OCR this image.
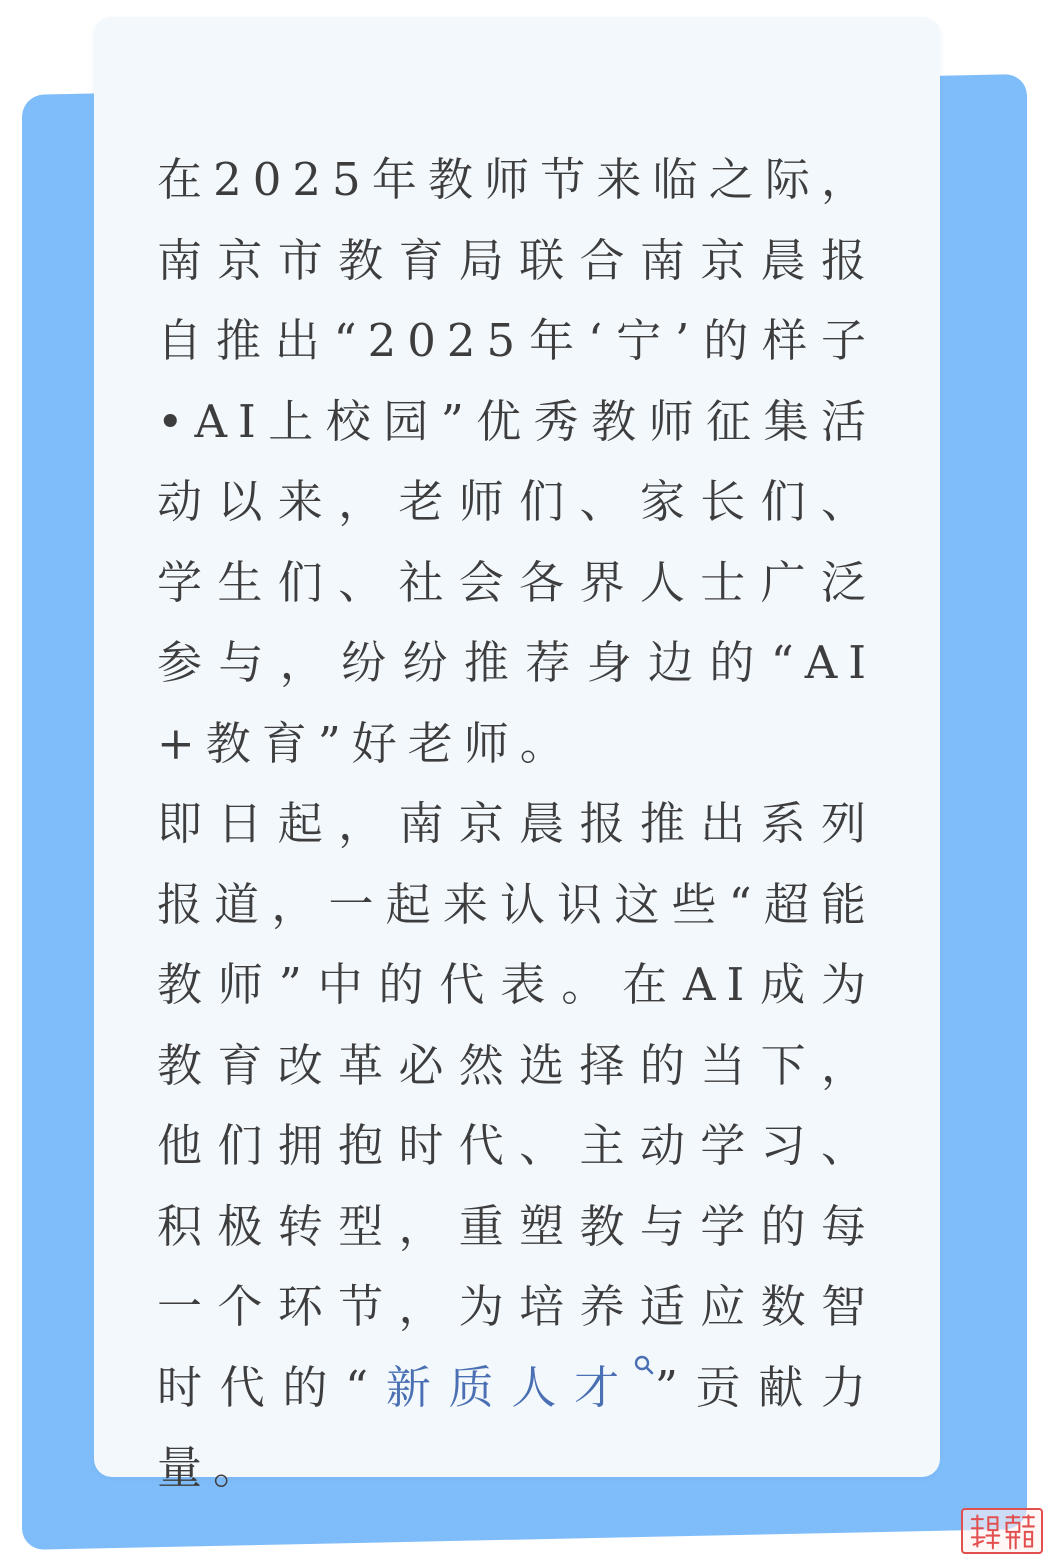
在2025年教师节来临之际，南京市教育局联合南京晨报自推出“2025年‘宁’的样子•AI上校园”优秀教师征集活动以来，老师们、家长们、学生们、社会各界人士广泛参与，纷纷推荐身边的“AI+教育”好老师。

即日起，南京晨报推出系列报道，一起来认识这些“超能教师”中的代表。在AI成为教育改革必然选择的当下，他们拥抱时代、主动学习、积极转型，重塑教与学的每一个环节，为培养适应数智时代的“新质人才 ”贡献力量。
